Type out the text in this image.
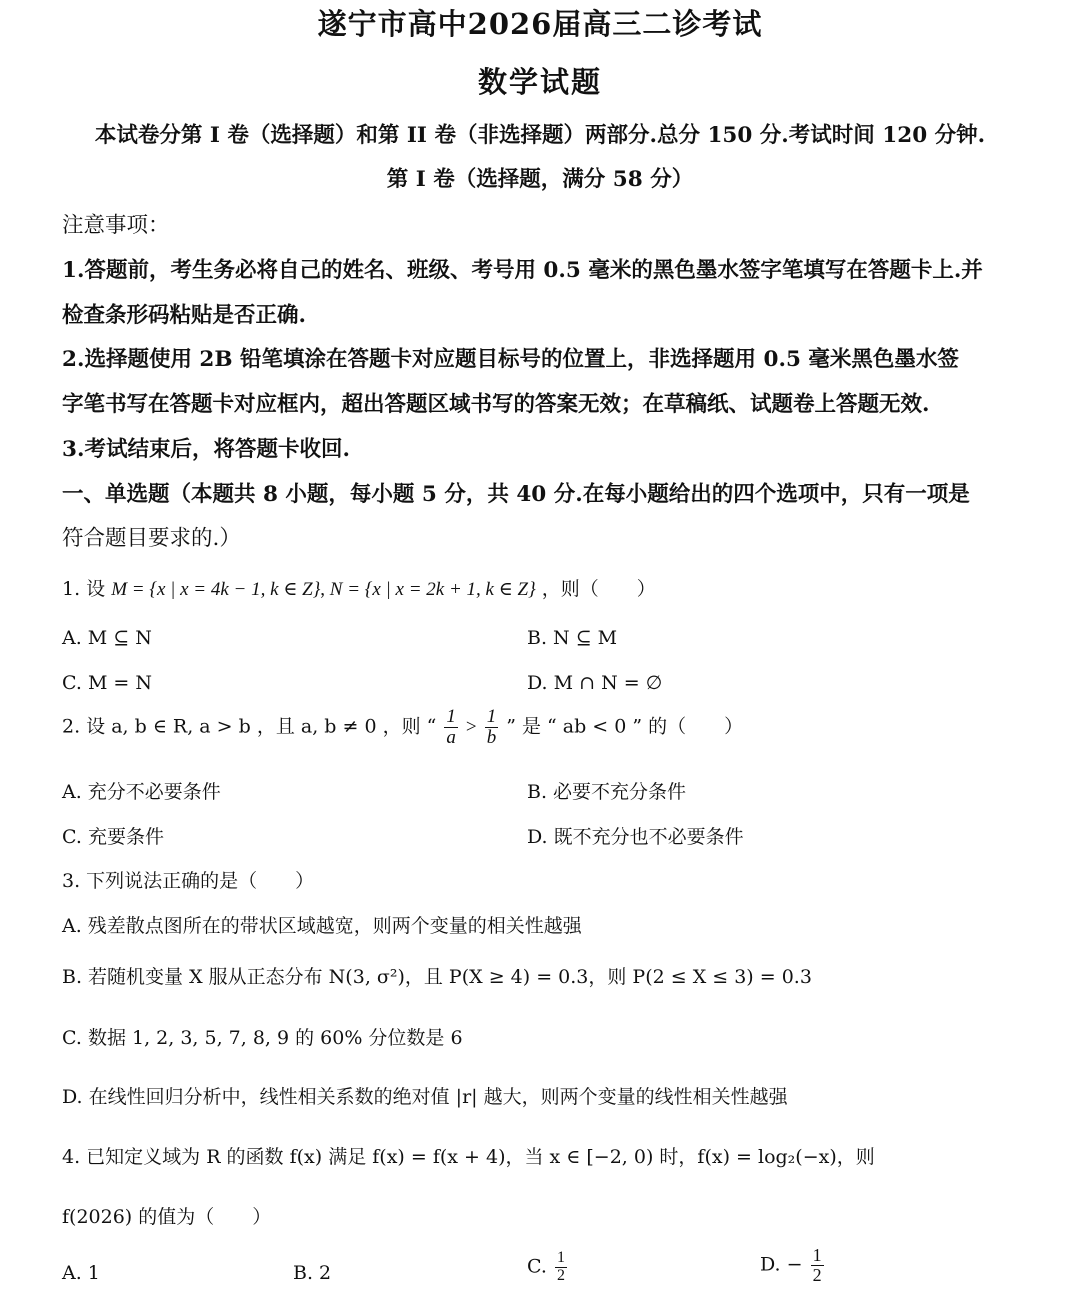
遂宁市高中2026届高三二诊考试
数学试题
本试卷分第 I 卷（选择题）和第 II 卷（非选择题）两部分.总分 150 分.考试时间 120 分钟.
第 I 卷（选择题，满分 58 分）
注意事项：
1.答题前，考生务必将自己的姓名、班级、考号用 0.5 毫米的黑色墨水签字笔填写在答题卡上.并
检查条形码粘贴是否正确.
2.选择题使用 2B 铅笔填涂在答题卡对应题目标号的位置上，非选择题用 0.5 毫米黑色墨水签
字笔书写在答题卡对应框内，超出答题区域书写的答案无效；在草稿纸、试题卷上答题无效.
3.考试结束后，将答题卡收回.
一、单选题（本题共 8 小题，每小题 5 分，共 40 分.在每小题给出的四个选项中，只有一项是
符合题目要求的.）
1. 设 M = {x | x = 4k − 1, k ∈ Z}, N = {x | x = 2k + 1, k ∈ Z} ，则（　　）
A. M ⊆ N	B. N ⊆ M
C. M = N	D. M ∩ N = ∅
2. 设 a, b ∈ R, a > b ，且 a, b ≠ 0 ，则 “ $\frac{1}{a} > \frac{1}{b}$ ” 是 “ ab < 0 ” 的（　　）
A. 充分不必要条件	B. 必要不充分条件
C. 充要条件	D. 既不充分也不必要条件
3. 下列说法正确的是（　　）
A. 残差散点图所在的带状区域越宽，则两个变量的相关性越强
B. 若随机变量 X 服从正态分布 N(3, σ²)，且 P(X ≥ 4) = 0.3，则 P(2 ≤ X ≤ 3) = 0.3
C. 数据 1, 2, 3, 5, 7, 8, 9 的 60% 分位数是 6
D. 在线性回归分析中，线性相关系数的绝对值 |r| 越大，则两个变量的线性相关性越强
4. 已知定义域为 R 的函数 f(x) 满足 f(x) = f(x + 4)，当 x ∈ [−2, 0) 时，f(x) = log₂(−x)，则
f(2026) 的值为（　　）
A. 1	B. 2	C. $\frac{1}{2}$	D. − $\frac{1}{2}$
